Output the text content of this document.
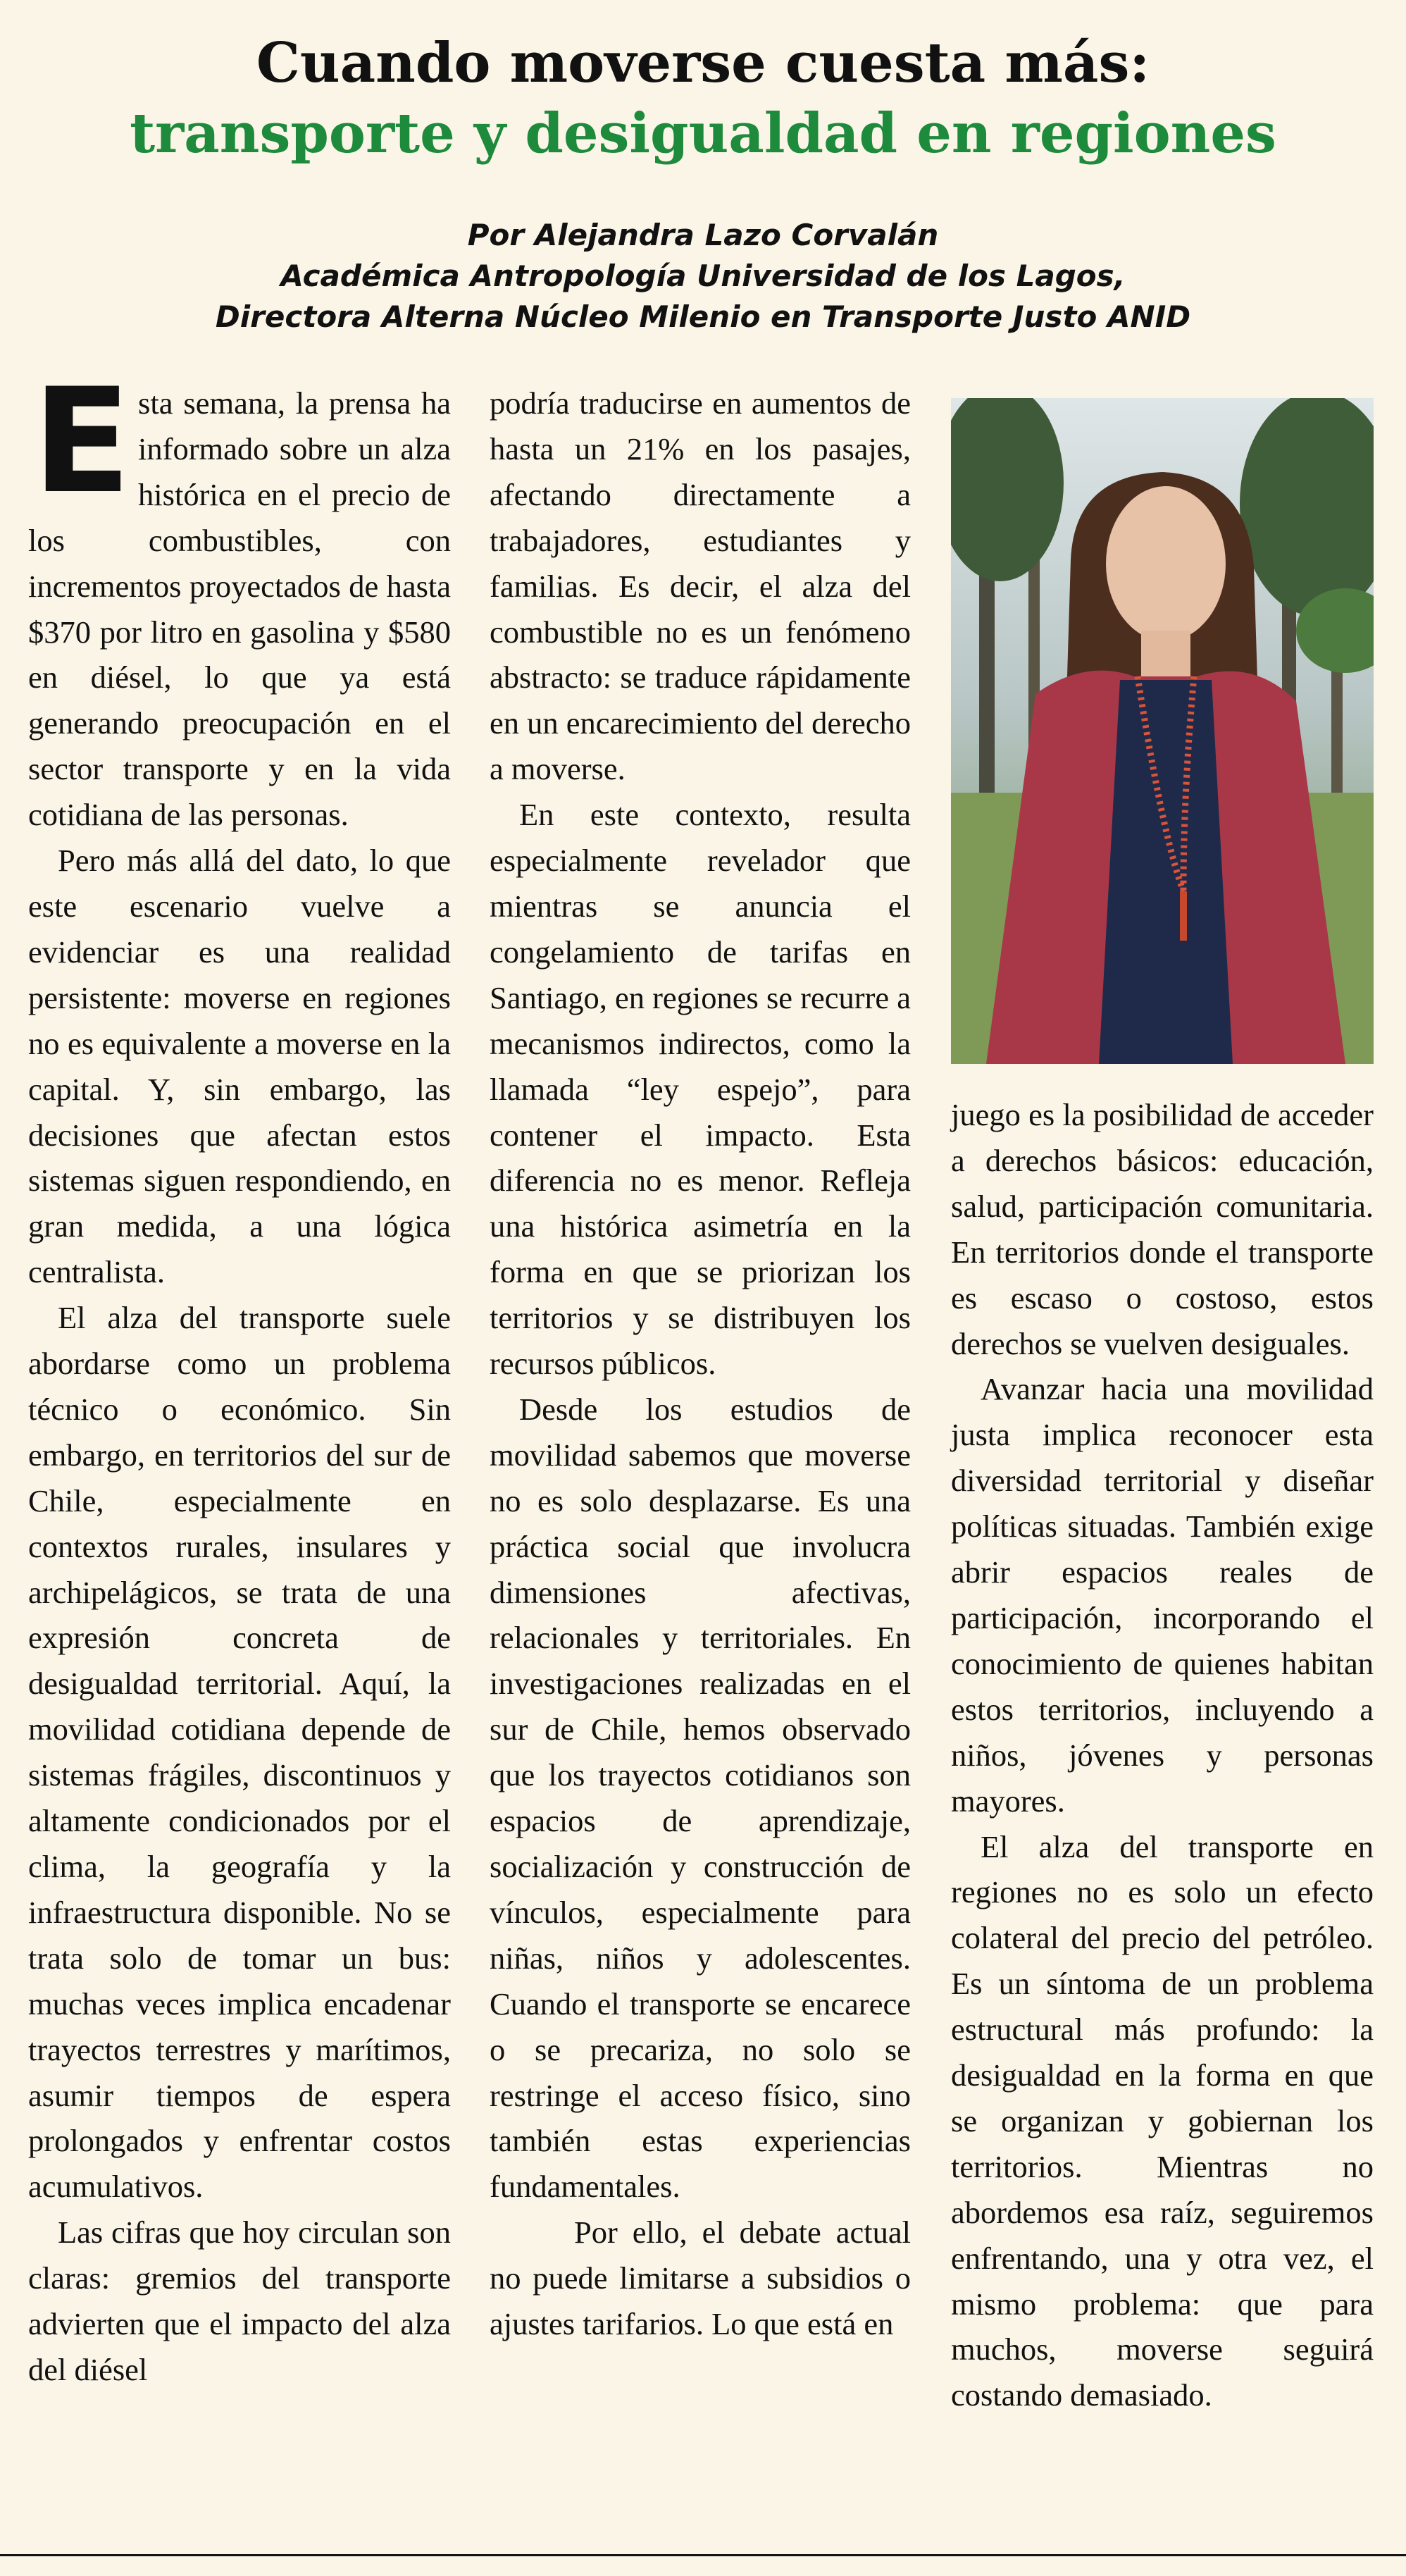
Cuando moverse cuesta más:
transporte y desigualdad en regiones
Por Alejandra Lazo Corvalán
Académica Antropología Universidad de los Lagos,
Directora Alterna Núcleo Milenio en Transporte Justo ANID

Esta semana, la prensa ha informado sobre un alza histórica en el precio de los combustibles, con incrementos proyectados de hasta $370 por litro en gasolina y $580 en diésel, lo que ya está generando preocupación en el sector transporte y en la vida cotidiana de las personas.

Pero más allá del dato, lo que este escenario vuelve a evidenciar es una realidad persistente: moverse en regiones no es equivalente a moverse en la capital. Y, sin embargo, las decisiones que afectan estos sistemas siguen respondiendo, en gran medida, a una lógica centralista.

El alza del transporte suele abordarse como un problema técnico o económico. Sin embargo, en territorios del sur de Chile, especialmente en contextos rurales, insulares y archipelágicos, se trata de una expresión concreta de desigualdad territorial. Aquí, la movilidad cotidiana depende de sistemas frágiles, discontinuos y altamente condicionados por el clima, la geografía y la infraestructura disponible. No se trata solo de tomar un bus: muchas veces implica encadenar trayectos terrestres y marítimos, asumir tiempos de espera prolongados y enfrentar costos acumulativos.

Las cifras que hoy circulan son claras: gremios del transporte advierten que el impacto del alza del diésel

podría traducirse en aumentos de hasta un 21% en los pasajes, afectando directamente a trabajadores, estudiantes y familias. Es decir, el alza del combustible no es un fenómeno abstracto: se traduce rápidamente en un encarecimiento del derecho a moverse.

En este contexto, resulta especialmente revelador que mientras se anuncia el congelamiento de tarifas en Santiago, en regiones se recurre a mecanismos indirectos, como la llamada “ley espejo”, para contener el impacto. Esta diferencia no es menor. Refleja una histórica asimetría en la forma en que se priorizan los territorios y se distribuyen los recursos públicos.

Desde los estudios de movilidad sabemos que moverse no es solo desplazarse. Es una práctica social que involucra dimensiones afectivas, relacionales y territoriales. En investigaciones realizadas en el sur de Chile, hemos observado que los trayectos cotidianos son espacios de aprendizaje, socialización y construcción de vínculos, especialmente para niñas, niños y adolescentes. Cuando el transporte se encarece o se precariza, no solo se restringe el acceso físico, sino también estas experiencias fundamentales.

Por ello, el debate actual no puede limitarse a subsidios o ajustes tarifarios. Lo que está en

juego es la posibilidad de acceder a derechos básicos: educación, salud, participación comunitaria. En territorios donde el transporte es escaso o costoso, estos derechos se vuelven desiguales.

Avanzar hacia una movilidad justa implica reconocer esta diversidad territorial y diseñar políticas situadas. También exige abrir espacios reales de participación, incorporando el conocimiento de quienes habitan estos territorios, incluyendo a niños, jóvenes y personas mayores.

El alza del transporte en regiones no es solo un efecto colateral del precio del petróleo. Es un síntoma de un problema estructural más profundo: la desigualdad en la forma en que se organizan y gobiernan los territorios. Mientras no abordemos esa raíz, seguiremos enfrentando, una y otra vez, el mismo problema: que para muchos, moverse seguirá costando demasiado.
